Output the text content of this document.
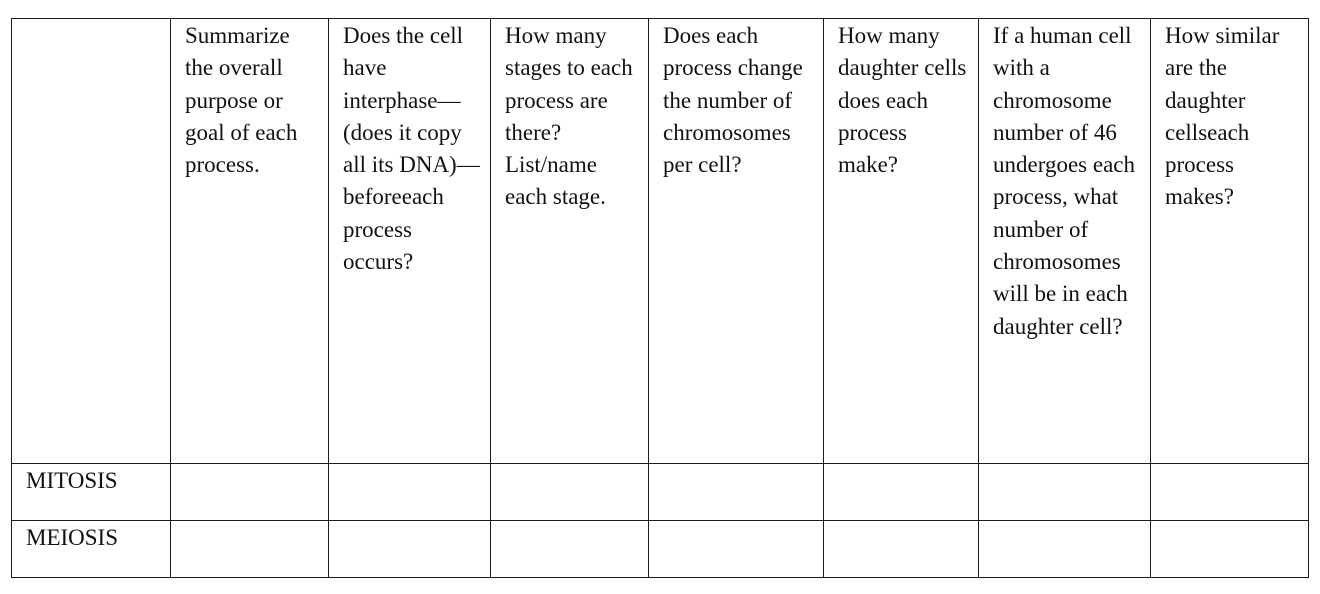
	Summarize the overall purpose or goal of each process.	Does the cell have interphase—(does it copy all its DNA)—beforeeach process occurs?	How many stages to each process are there? List/name each stage.	Does each process change the number of chromosomes per cell?	How many daughter cells does each process make?	If a human cell with a chromosome number of 46 undergoes each process, what number of chromosomes will be in each daughter cell?	How similar are the daughter cellseach process makes?

MITOSIS							
MEIOSIS							
